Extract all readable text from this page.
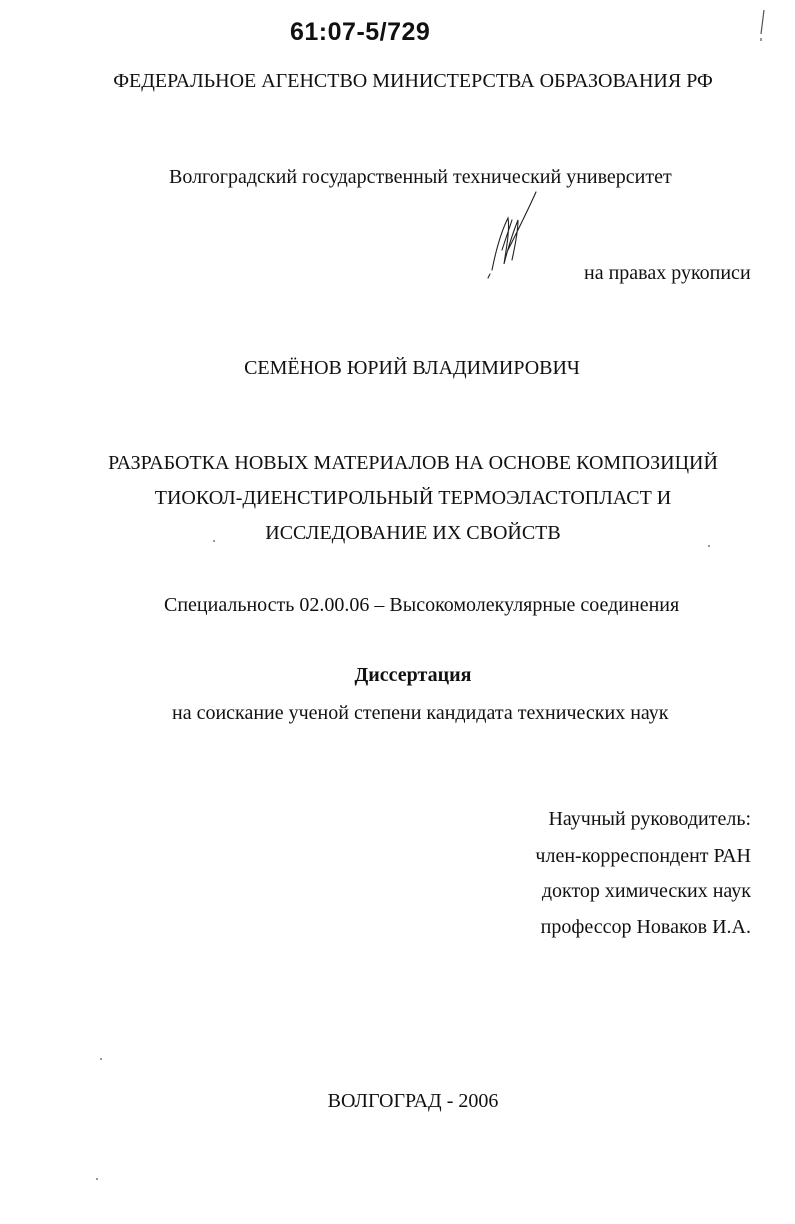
61:07-5/729
ФЕДЕРАЛЬНОЕ АГЕНСТВО МИНИСТЕРСТВА ОБРАЗОВАНИЯ РФ
Волгоградский государственный технический университет
на правах рукописи
СЕМЁНОВ ЮРИЙ ВЛАДИМИРОВИЧ
РАЗРАБОТКА НОВЫХ МАТЕРИАЛОВ НА ОСНОВЕ КОМПОЗИЦИЙ
ТИОКОЛ-ДИЕНСТИРОЛЬНЫЙ ТЕРМОЭЛАСТОПЛАСТ И
ИССЛЕДОВАНИЕ ИХ СВОЙСТВ
Специальность 02.00.06 – Высокомолекулярные соединения
Диссертация
на соискание ученой степени кандидата технических наук
Научный руководитель:
член-корреспондент РАН
доктор химических наук
профессор Новаков И.А.
ВОЛГОГРАД - 2006
